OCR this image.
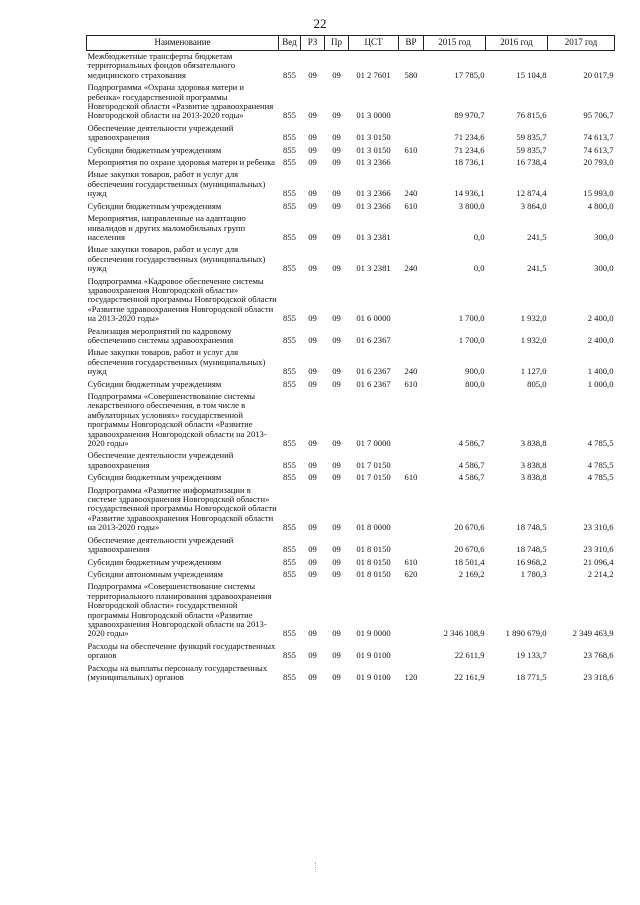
22
Наименование	Вед	РЗ	Пр	ЦСТ	ВР	2015 год	2016 год	2017 год
Межбюджетные трансферты бюджетам территориальных фондов обязательного медицинского страхования	855	09	09	01 2 7601	580	17 785,0	15 104,8	20 017,9
Подпрограмма «Охрана здоровья матери и ребенка» государственной программы Новгородской области «Развитие здравоохранения Новгородской области на 2013-2020 годы»	855	09	09	01 3 0000		89 970,7	76 815,6	95 706,7
Обеспечение деятельности учреждений здравоохранения	855	09	09	01 3 0150		71 234,6	59 835,7	74 613,7
Субсидии бюджетным учреждениям	855	09	09	01 3 0150	610	71 234,6	59 835,7	74 613,7
Мероприятия по охране здоровья матери и ребенка	855	09	09	01 3 2366		18 736,1	16 738,4	20 793,0
Иные закупки товаров, работ и услуг для обеспечения государственных (муниципальных) нужд	855	09	09	01 3 2366	240	14 936,1	12 874,4	15 993,0
Субсидии бюджетным учреждениям	855	09	09	01 3 2366	610	3 800,0	3 864,0	4 800,0
Мероприятия, направленные на адаптацию инвалидов и других маломобильных групп населения	855	09	09	01 3 2381		0,0	241,5	300,0
Иные закупки товаров, работ и услуг для обеспечения государственных (муниципальных) нужд	855	09	09	01 3 2381	240	0,0	241,5	300,0
Подпрограмма «Кадровое обеспечение системы здравоохранения Новгородской области» государственной программы Новгородской области «Развитие здравоохранения Новгородской области на 2013-2020 годы»	855	09	09	01 6 0000		1 700,0	1 932,0	2 400,0
Реализация мероприятий по кадровому обеспечению системы здравоохранения	855	09	09	01 6 2367		1 700,0	1 932,0	2 400,0
Иные закупки товаров, работ и услуг для обеспечения государственных (муниципальных) нужд	855	09	09	01 6 2367	240	900,0	1 127,0	1 400,0
Субсидии бюджетным учреждениям	855	09	09	01 6 2367	610	800,0	805,0	1 000,0
Подпрограмма «Совершенствование системы лекарственного обеспечения, в том числе в амбулаторных условиях» государственной программы Новгородской области «Развитие здравоохранения Новгородской области на 2013-2020 годы»	855	09	09	01 7 0000		4 586,7	3 838,8	4 785,5
Обеспечение деятельности учреждений здравоохранения	855	09	09	01 7 0150		4 586,7	3 838,8	4 785,5
Субсидии бюджетным учреждениям	855	09	09	01 7 0150	610	4 586,7	3 838,8	4 785,5
Подпрограмма «Развитие информатизации в системе здравоохранения Новгородской области» государственной программы Новгородской области «Развитие здравоохранения Новгородской области на 2013-2020 годы»	855	09	09	01 8 0000		20 670,6	18 748,5	23 310,6
Обеспечение деятельности учреждений здравоохранения	855	09	09	01 8 0150		20 670,6	18 748,5	23 310,6
Субсидии бюджетным учреждениям	855	09	09	01 8 0150	610	18 501,4	16 968,2	21 096,4
Субсидии автономным учреждениям	855	09	09	01 8 0150	620	2 169,2	1 780,3	2 214,2
Подпрограмма «Совершенствование системы территориального планирования здравоохранения Новгородской области» государственной программы Новгородской области «Развитие здравоохранения Новгородской области на 2013-2020 годы»	855	09	09	01 9 0000		2 346 108,9	1 890 679,0	2 349 463,9
Расходы на обеспечение функций государственных органов	855	09	09	01 9 0100		22 611,9	19 133,7	23 768,6
Расходы на выплаты персоналу государственных (муниципальных) органов	855	09	09	01 9 0100	120	22 161,9	18 771,5	23 318,6
